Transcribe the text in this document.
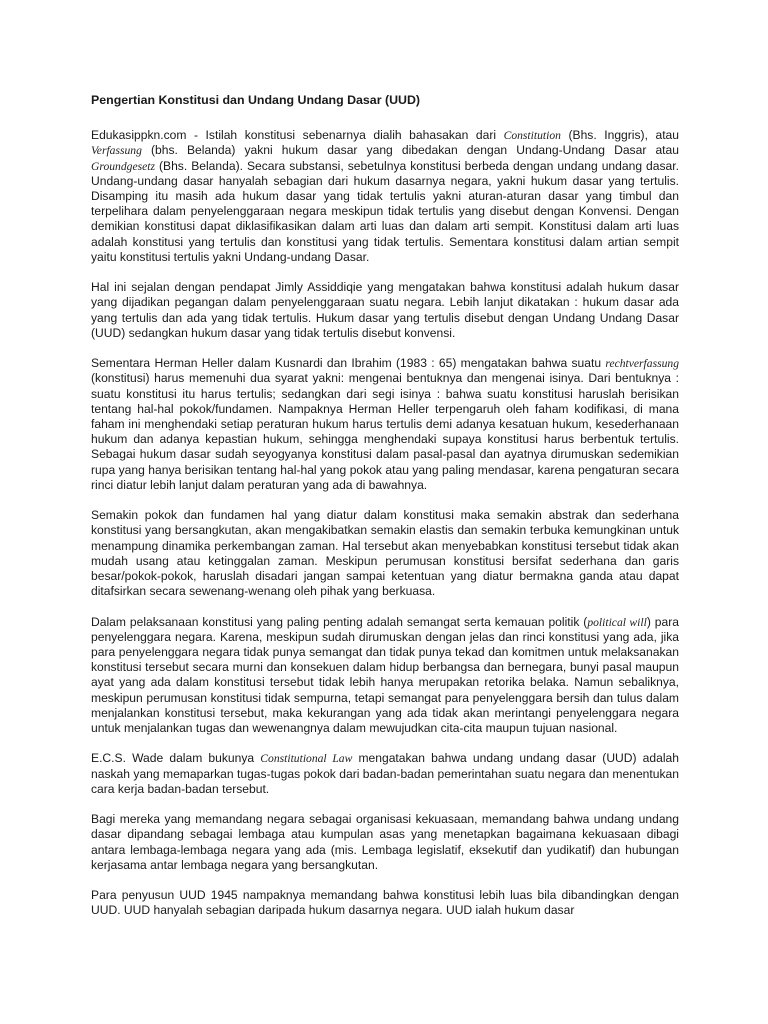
Pengertian Konstitusi dan Undang Undang Dasar (UUD)

Edukasippkn.com - Istilah konstitusi sebenarnya dialih bahasakan dari Constitution (Bhs. Inggris), atau Verfassung (bhs. Belanda) yakni hukum dasar yang dibedakan dengan Undang-Undang Dasar atau Groundgesetz (Bhs. Belanda). Secara substansi, sebetulnya konstitusi berbeda dengan undang undang dasar. Undang-undang dasar hanyalah sebagian dari hukum dasarnya negara, yakni hukum dasar yang tertulis. Disamping itu masih ada hukum dasar yang tidak tertulis yakni aturan-aturan dasar yang timbul dan terpelihara dalam penyelenggaraan negara meskipun tidak tertulis yang disebut dengan Konvensi. Dengan demikian konstitusi dapat diklasifikasikan dalam arti luas dan dalam arti sempit. Konstitusi dalam arti luas adalah konstitusi yang tertulis dan konstitusi yang tidak tertulis. Sementara konstitusi dalam artian sempit yaitu konstitusi tertulis yakni Undang-undang Dasar.

Hal ini sejalan dengan pendapat Jimly Assiddiqie yang mengatakan bahwa konstitusi adalah hukum dasar yang dijadikan pegangan dalam penyelenggaraan suatu negara. Lebih lanjut dikatakan : hukum dasar ada yang tertulis dan ada yang tidak tertulis. Hukum dasar yang tertulis disebut dengan Undang Undang Dasar (UUD) sedangkan hukum dasar yang tidak tertulis disebut konvensi.

Sementara Herman Heller dalam Kusnardi dan Ibrahim (1983 : 65) mengatakan bahwa suatu rechtverfassung (konstitusi) harus memenuhi dua syarat yakni: mengenai bentuknya dan mengenai isinya. Dari bentuknya : suatu konstitusi itu harus tertulis; sedangkan dari segi isinya : bahwa suatu konstitusi haruslah berisikan tentang hal-hal pokok/fundamen. Nampaknya Herman Heller terpengaruh oleh faham kodifikasi, di mana faham ini menghendaki setiap peraturan hukum harus tertulis demi adanya kesatuan hukum, kesederhanaan hukum dan adanya kepastian hukum, sehingga menghendaki supaya konstitusi harus berbentuk tertulis. Sebagai hukum dasar sudah seyogyanya konstitusi dalam pasal-pasal dan ayatnya dirumuskan sedemikian rupa yang hanya berisikan tentang hal-hal yang pokok atau yang paling mendasar, karena pengaturan secara rinci diatur lebih lanjut dalam peraturan yang ada di bawahnya.

Semakin pokok dan fundamen hal yang diatur dalam konstitusi maka semakin abstrak dan sederhana konstitusi yang bersangkutan, akan mengakibatkan semakin elastis dan semakin terbuka kemungkinan untuk menampung dinamika perkembangan zaman. Hal tersebut akan menyebabkan konstitusi tersebut tidak akan mudah usang atau ketinggalan zaman. Meskipun perumusan konstitusi bersifat sederhana dan garis besar/pokok-pokok, haruslah disadari jangan sampai ketentuan yang diatur bermakna ganda atau dapat ditafsirkan secara sewenang-wenang oleh pihak yang berkuasa.

Dalam pelaksanaan konstitusi yang paling penting adalah semangat serta kemauan politik (political will) para penyelenggara negara. Karena, meskipun sudah dirumuskan dengan jelas dan rinci konstitusi yang ada, jika para penyelenggara negara tidak punya semangat dan tidak punya tekad dan komitmen untuk melaksanakan konstitusi tersebut secara murni dan konsekuen dalam hidup berbangsa dan bernegara, bunyi pasal maupun ayat yang ada dalam konstitusi tersebut tidak lebih hanya merupakan retorika belaka. Namun sebaliknya, meskipun perumusan konstitusi tidak sempurna, tetapi semangat para penyelenggara bersih dan tulus dalam menjalankan konstitusi tersebut, maka kekurangan yang ada tidak akan merintangi penyelenggara negara untuk menjalankan tugas dan wewenangnya dalam mewujudkan cita-cita maupun tujuan nasional.

E.C.S. Wade dalam bukunya Constitutional Law mengatakan bahwa undang undang dasar (UUD) adalah naskah yang memaparkan tugas-tugas pokok dari badan-badan pemerintahan suatu negara dan menentukan cara kerja badan-badan tersebut.

Bagi mereka yang memandang negara sebagai organisasi kekuasaan, memandang bahwa undang undang dasar dipandang sebagai lembaga atau kumpulan asas yang menetapkan bagaimana kekuasaan dibagi antara lembaga-lembaga negara yang ada (mis. Lembaga legislatif, eksekutif dan yudikatif) dan hubungan kerjasama antar lembaga negara yang bersangkutan.

Para penyusun UUD 1945 nampaknya memandang bahwa konstitusi lebih luas bila dibandingkan dengan UUD. UUD hanyalah sebagian daripada hukum dasarnya negara. UUD ialah hukum dasar
